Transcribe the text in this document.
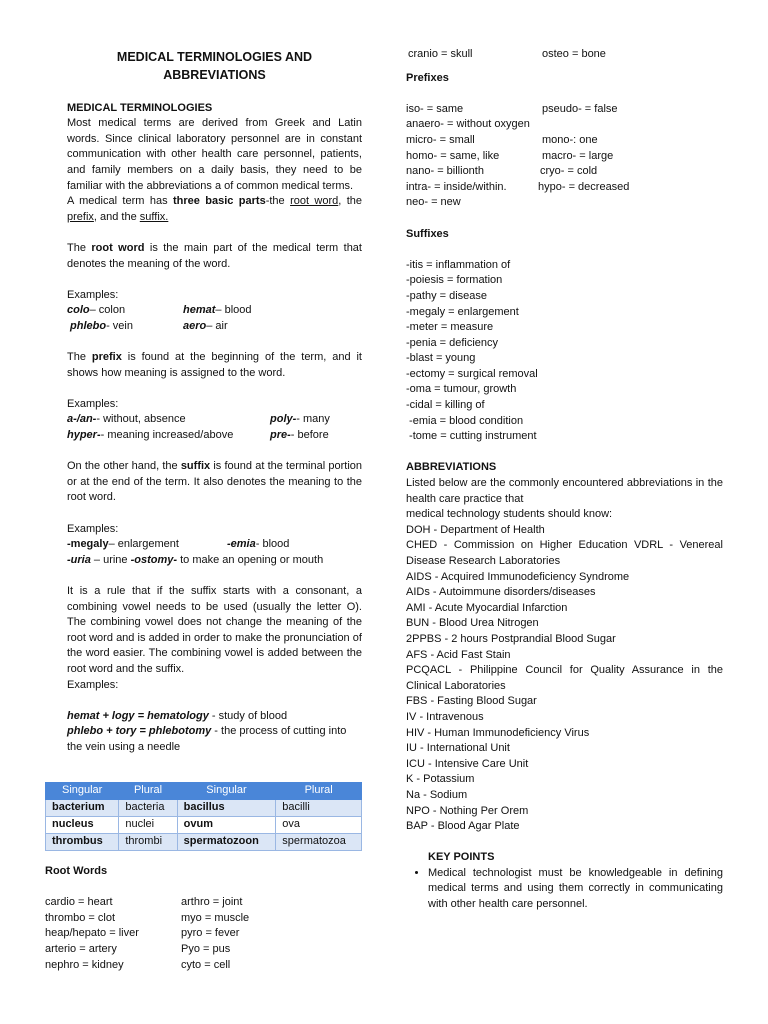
MEDICAL TERMINOLOGIES AND ABBREVIATIONS

MEDICAL TERMINOLOGIES

Most medical terms are derived from Greek and Latin words. Since clinical laboratory personnel are in constant communication with other health care personnel, patients, and family members on a daily basis, they need to be familiar with the abbreviations a of common medical terms.

A medical term has three basic parts-the root word, the prefix, and the suffix.

The root word is the main part of the medical term that denotes the meaning of the word.

Examples:

colo – colon	hemat – blood
phlebo - vein	aero – air

The prefix is found at the beginning of the term, and it shows how meaning is assigned to the word.

Examples:

a-/an- - without, absence	poly- - many
hyper- - meaning increased/above	pre- - before

On the other hand, the suffix is found at the terminal portion or at the end of the term. It also denotes the meaning to the root word.

Examples:

-megaly – enlargement	-emia - blood

-uria – urine -ostomy- to make an opening or mouth

It is a rule that if the suffix starts with a consonant, a combining vowel needs to be used (usually the letter O). The combining vowel does not change the meaning of the root word and is added in order to make the pronunciation of the word easier. The combining vowel is added between the root word and the suffix.

Examples:

hemat + logy = hematology - study of blood

phlebo + tory = phlebotomy - the process of cutting into the vein using a needle

Singular	Plural	Singular	Plural
bacterium	bacteria	bacillus	bacilli
nucleus	nuclei	ovum	ova
thrombus	thrombi	spermatozoon	spermatozoa

Root Words

cardio = heart	arthro = joint
thrombo = clot	myo = muscle
heap/hepato = liver	pyro = fever
arterio = artery	Pyo = pus
nephro = kidney	cyto = cell
cranio = skull	osteo = bone

Prefixes

iso- = same	pseudo- = false
anaero- = without oxygen
micro- = small	mono-: one
homo- = same, like	macro- = large
nano- = billionth	cryo- = cold
intra- = inside/within.	hypo- = decreased
neo- = new

Suffixes

-itis = inflammation of

-poiesis = formation

-pathy = disease

-megaly = enlargement

-meter = measure

-penia = deficiency

-blast = young

-ectomy = surgical removal

-oma = tumour, growth

-cidal = killing of

-emia = blood condition

-tome = cutting instrument

ABBREVIATIONS

Listed below are the commonly encountered abbreviations in the health care practice that

medical technology students should know:

DOH - Department of Health

CHED - Commission on Higher Education VDRL - Venereal Disease Research Laboratories

AIDS - Acquired Immunodeficiency Syndrome

AIDs - Autoimmune disorders/diseases

AMI - Acute Myocardial Infarction

BUN - Blood Urea Nitrogen

2PPBS - 2 hours Postprandial Blood Sugar

AFS - Acid Fast Stain

PCQACL - Philippine Council for Quality Assurance in the Clinical Laboratories

FBS - Fasting Blood Sugar

IV - Intravenous

HIV - Human Immunodeficiency Virus

IU - International Unit

ICU - Intensive Care Unit

K - Potassium

Na - Sodium

NPO - Nothing Per Orem

BAP - Blood Agar Plate

KEY POINTS

• Medical technologist must be knowledgeable in defining medical terms and using them correctly in communicating with other health care personnel.
